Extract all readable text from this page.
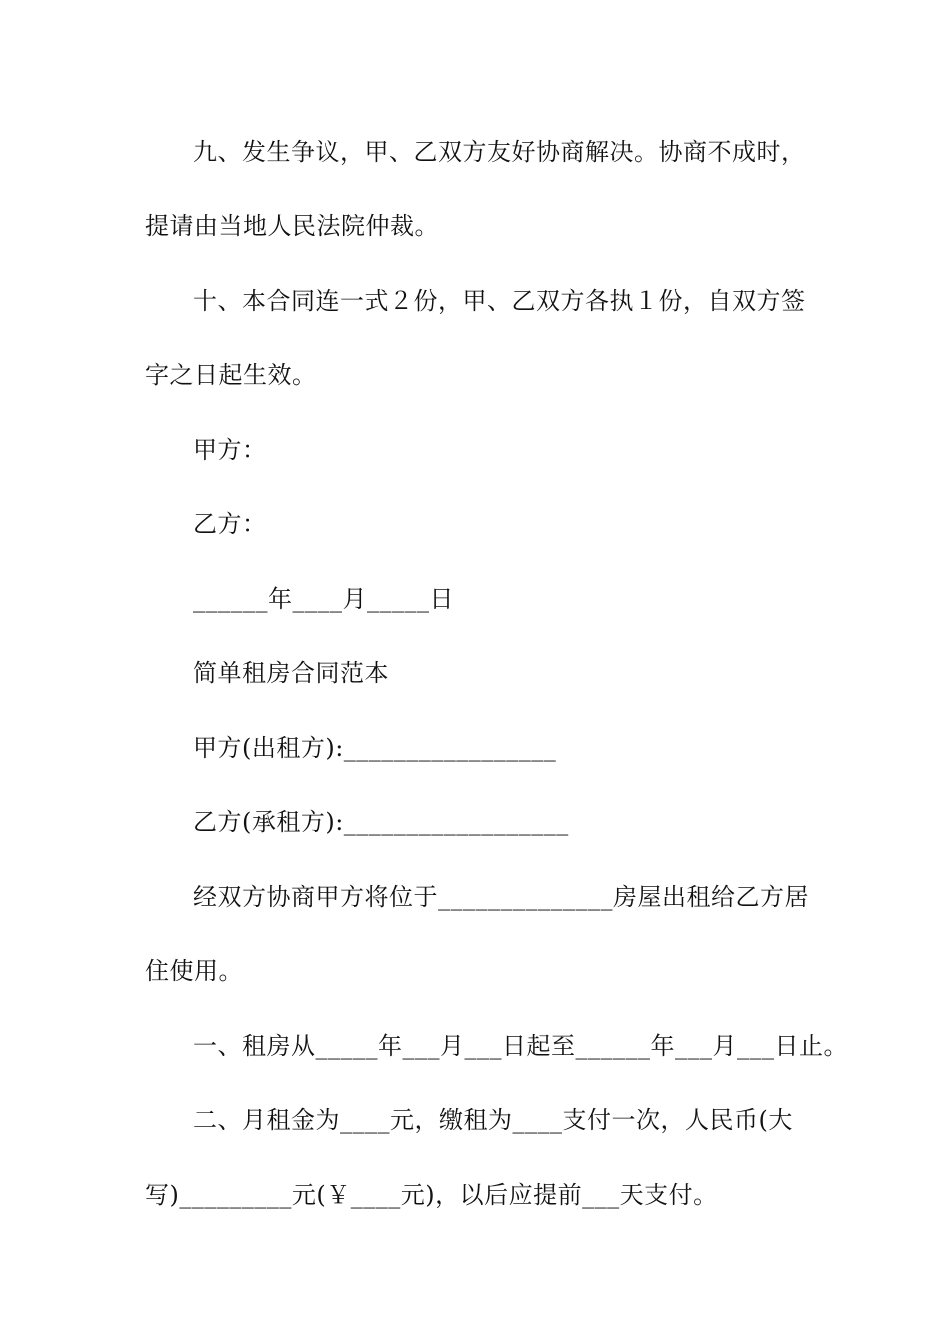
九、发生争议，甲、乙双方友好协商解决。协商不成时，
提请由当地人民法院仲裁。
十、本合同连一式２份，甲、乙双方各执１份，自双方签
字之日起生效。
甲方：
乙方：
______年____月_____日
简单租房合同范本
甲方(出租方):_________________
乙方(承租方):__________________
经双方协商甲方将位于______________房屋出租给乙方居
住使用。
一、租房从_____年___月___日起至______年___月___日止。
二、月租金为____元，缴租为____支付一次，人民币(大
写)_________元(￥____元)，以后应提前___天支付。
